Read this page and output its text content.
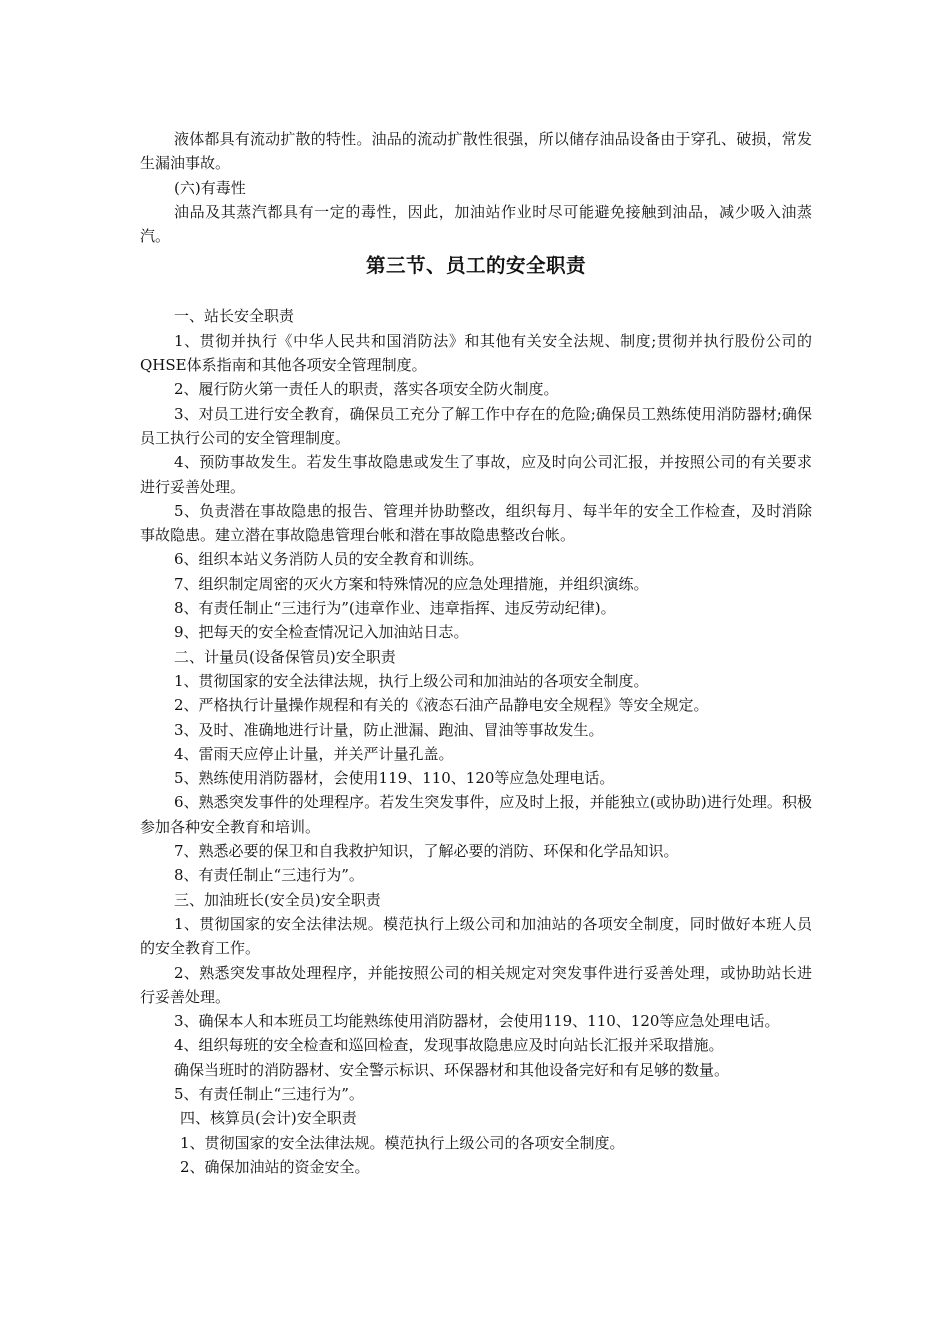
液体都具有流动扩散的特性。油品的流动扩散性很强，所以储存油品设备由于穿孔、破损，常发生漏油事故。

(六)有毒性

油品及其蒸汽都具有一定的毒性，因此，加油站作业时尽可能避免接触到油品，减少吸入油蒸汽。

第三节、员工的安全职责

一、站长安全职责

1、贯彻并执行《中华人民共和国消防法》和其他有关安全法规、制度;贯彻并执行股份公司的QHSE体系指南和其他各项安全管理制度。

2、履行防火第一责任人的职责，落实各项安全防火制度。

3、对员工进行安全教育，确保员工充分了解工作中存在的危险;确保员工熟练使用消防器材;确保员工执行公司的安全管理制度。

4、预防事故发生。若发生事故隐患或发生了事故，应及时向公司汇报，并按照公司的有关要求进行妥善处理。

5、负责潜在事故隐患的报告、管理并协助整改，组织每月、每半年的安全工作检查，及时消除事故隐患。建立潜在事故隐患管理台帐和潜在事故隐患整改台帐。

6、组织本站义务消防人员的安全教育和训练。

7、组织制定周密的灭火方案和特殊情况的应急处理措施，并组织演练。

8、有责任制止“三违行为”(违章作业、违章指挥、违反劳动纪律)。

9、把每天的安全检查情况记入加油站日志。

二、计量员(设备保管员)安全职责

1、贯彻国家的安全法律法规，执行上级公司和加油站的各项安全制度。

2、严格执行计量操作规程和有关的《液态石油产品静电安全规程》等安全规定。

3、及时、准确地进行计量，防止泄漏、跑油、冒油等事故发生。

4、雷雨天应停止计量，并关严计量孔盖。

5、熟练使用消防器材，会使用119、110、120等应急处理电话。

6、熟悉突发事件的处理程序。若发生突发事件，应及时上报，并能独立(或协助)进行处理。积极参加各种安全教育和培训。

7、熟悉必要的保卫和自我救护知识，了解必要的消防、环保和化学品知识。

8、有责任制止“三违行为”。

三、加油班长(安全员)安全职责

1、贯彻国家的安全法律法规。模范执行上级公司和加油站的各项安全制度，同时做好本班人员的安全教育工作。

2、熟悉突发事故处理程序，并能按照公司的相关规定对突发事件进行妥善处理，或协助站长进行妥善处理。

3、确保本人和本班员工均能熟练使用消防器材，会使用119、110、120等应急处理电话。

4、组织每班的安全检查和巡回检查，发现事故隐患应及时向站长汇报并采取措施。

确保当班时的消防器材、安全警示标识、环保器材和其他设备完好和有足够的数量。

5、有责任制止“三违行为”。

四、核算员(会计)安全职责

1、贯彻国家的安全法律法规。模范执行上级公司的各项安全制度。

2、确保加油站的资金安全。
